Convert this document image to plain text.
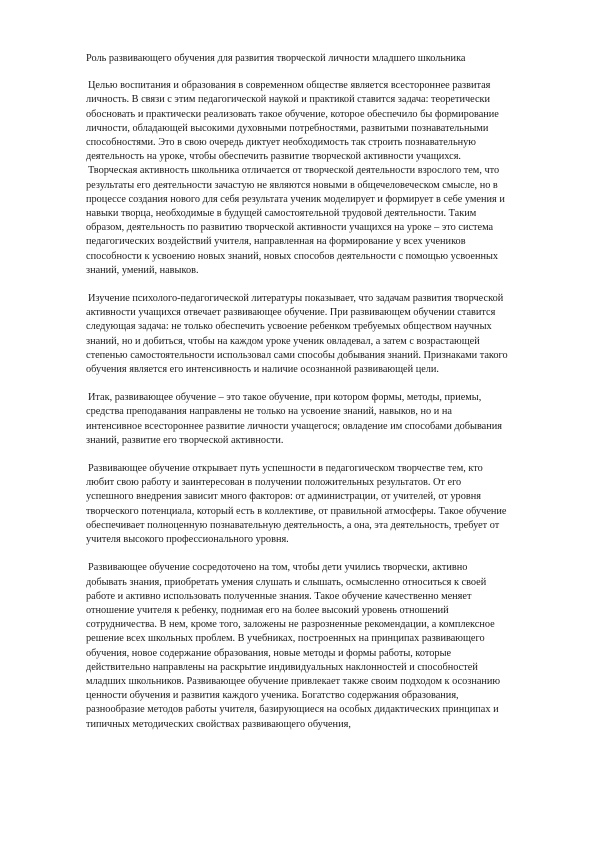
Роль развивающего обучения для развития творческой личности младшего школьника

Целью воспитания и образования в современном обществе является всестороннее развитая личность. В связи с этим педагогической наукой и практикой ставится задача: теоретически обосновать и практически реализовать такое обучение, которое обеспечило бы формирование личности, обладающей высокими духовными потребностями, развитыми познавательными способностями. Это в свою очередь диктует необходимость так строить познавательную деятельность на уроке, чтобы обеспечить развитие творческой активности учащихся.

Творческая активность школьника отличается от творческой деятельности взрослого тем, что результаты его деятельности зачастую не являются новыми в общечеловеческом смысле, но в процессе создания нового для себя результата ученик моделирует и формирует в себе умения и навыки творца, необходимые в будущей самостоятельной трудовой деятельности. Таким образом, деятельность по развитию творческой активности учащихся на уроке – это система педагогических воздействий учителя, направленная на формирование у всех учеников способности к усвоению новых знаний, новых способов деятельности с помощью усвоенных знаний, умений, навыков.

Изучение психолого-педагогической литературы показывает, что задачам развития творческой активности учащихся отвечает развивающее обучение. При развивающем обучении ставится следующая задача: не только обеспечить усвоение ребенком требуемых обществом научных знаний, но и добиться, чтобы на каждом уроке ученик овладевал, а затем с возрастающей степенью самостоятельности использовал сами способы добывания знаний. Признаками такого обучения является его интенсивность и наличие осознанной развивающей цели.

Итак, развивающее обучение – это такое обучение, при котором формы, методы, приемы, средства преподавания направлены не только на усвоение знаний, навыков, но и на интенсивное всестороннее развитие личности учащегося; овладение им способами добывания знаний, развитие его творческой активности.

Развивающее обучение открывает путь успешности в педагогическом творчестве тем, кто любит свою работу и заинтересован в получении положительных результатов. От его успешного внедрения зависит много факторов: от администрации, от учителей, от уровня творческого потенциала, который есть в коллективе, от правильной атмосферы. Такое обучение обеспечивает полноценную познавательную деятельность, а она, эта деятельность, требует от учителя высокого профессионального уровня.

Развивающее обучение сосредоточено на том, чтобы дети учились творчески, активно добывать знания, приобретать умения слушать и слышать, осмысленно относиться к своей работе и активно использовать полученные знания. Такое обучение качественно меняет отношение учителя к ребенку, поднимая его на более высокий уровень отношений сотрудничества. В нем, кроме того, заложены не разрозненные рекомендации, а комплексное решение всех школьных проблем. В учебниках, построенных на принципах развивающего обучения, новое содержание образования, новые методы и формы работы, которые действительно направлены на раскрытие индивидуальных наклонностей и способностей младших школьников. Развивающее обучение привлекает также своим подходом к осознанию ценности обучения и развития каждого ученика. Богатство содержания образования, разнообразие методов работы учителя, базирующиеся на особых дидактических принципах и типичных методических свойствах развивающего обучения,
